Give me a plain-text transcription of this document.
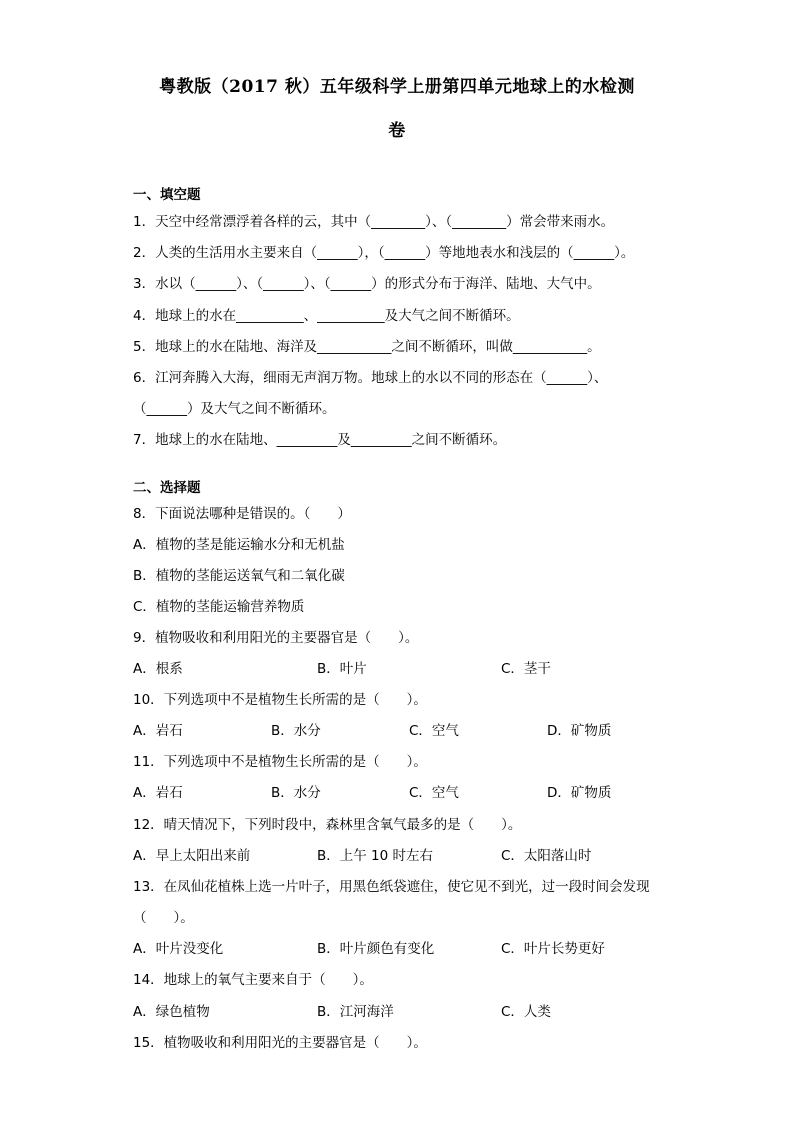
粤教版（2017 秋）五年级科学上册第四单元地球上的水检测
卷
一、填空题
1．天空中经常漂浮着各样的云，其中（________）、（________）常会带来雨水。
2．人类的生活用水主要来自（______），（______）等地地表水和浅层的（______）。
3．水以（______）、（______）、（______）的形式分布于海洋、陆地、大气中。
4．地球上的水在__________、__________及大气之间不断循环。
5．地球上的水在陆地、海洋及___________之间不断循环，叫做___________。
6．江河奔腾入大海，细雨无声润万物。地球上的水以不同的形态在（______）、
（______）及大气之间不断循环。
7．地球上的水在陆地、_________及_________之间不断循环。
二、选择题
8．下面说法哪种是错误的。（　　）
A．植物的茎是能运输水分和无机盐
B．植物的茎能运送氧气和二氧化碳
C．植物的茎能运输营养物质
9．植物吸收和利用阳光的主要器官是（　　）。
A．根系	B．叶片	C．茎干
10．下列选项中不是植物生长所需的是（　　）。
A．岩石	B．水分	C．空气	D．矿物质
11．下列选项中不是植物生长所需的是（　　）。
A．岩石	B．水分	C．空气	D．矿物质
12．晴天情况下，下列时段中，森林里含氧气最多的是（　　）。
A．早上太阳出来前	B．上午 10 时左右	C．太阳落山时
13．在凤仙花植株上选一片叶子，用黑色纸袋遮住，使它见不到光，过一段时间会发现
（　　）。
A．叶片没变化	B．叶片颜色有变化	C．叶片长势更好
14．地球上的氧气主要来自于（　　）。
A．绿色植物	B．江河海洋	C．人类
15．植物吸收和利用阳光的主要器官是（　　）。
